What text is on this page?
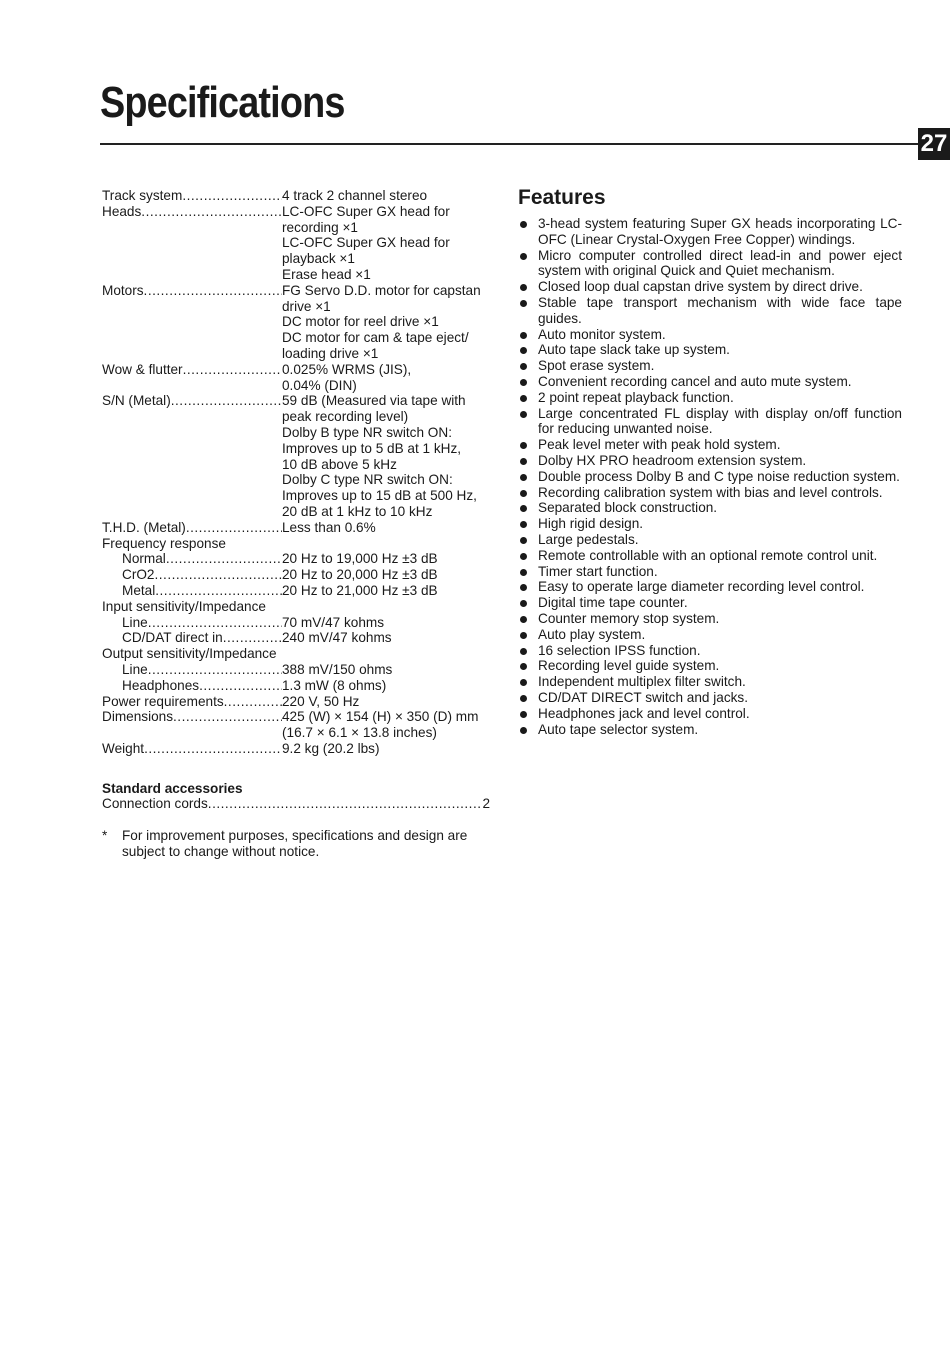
Specifications
27
Track system .....	4 track 2 channel stereo
Heads .....	LC-OFC Super GX head for
recording ×1
LC-OFC Super GX head for
playback ×1
Erase head ×1
Motors .....	FG Servo D.D. motor for capstan
drive ×1
DC motor for reel drive ×1
DC motor for cam & tape eject/
loading drive ×1
Wow & flutter .....	0.025% WRMS (JIS),
0.04% (DIN)
S/N (Metal) .....	59 dB (Measured via tape with
peak recording level)
Dolby B type NR switch ON:
Improves up to 5 dB at 1 kHz,
10 dB above 5 kHz
Dolby C type NR switch ON:
Improves up to 15 dB at 500 Hz,
20 dB at 1 kHz to 10 kHz
T.H.D. (Metal) .....	Less than 0.6%
Frequency response
Normal .....	20 Hz to 19,000 Hz ±3 dB
CrO2 .....	20 Hz to 20,000 Hz ±3 dB
Metal .....	20 Hz to 21,000 Hz ±3 dB
Input sensitivity/Impedance
Line .....	70 mV/47 kohms
CD/DAT direct in .....	240 mV/47 kohms
Output sensitivity/Impedance
Line .....	388 mV/150 ohms
Headphones .....	1.3 mW (8 ohms)
Power requirements .....	220 V, 50 Hz
Dimensions .....	425 (W) × 154 (H) × 350 (D) mm
(16.7 × 6.1 × 13.8 inches)
Weight .....	9.2 kg (20.2 lbs)
Standard accessories
Connection cords .....	2
*	For improvement purposes, specifications and design are subject to change without notice.
Features
3-head system featuring Super GX heads incorporating LC-OFC (Linear Crystal-Oxygen Free Copper) windings.
Micro computer controlled direct lead-in and power eject system with original Quick and Quiet mechanism.
Closed loop dual capstan drive system by direct drive.
Stable tape transport mechanism with wide face tape guides.
Auto monitor system.
Auto tape slack take up system.
Spot erase system.
Convenient recording cancel and auto mute system.
2 point repeat playback function.
Large concentrated FL display with display on/off function for reducing unwanted noise.
Peak level meter with peak hold system.
Dolby HX PRO headroom extension system.
Double process Dolby B and C type noise reduction system.
Recording calibration system with bias and level controls.
Separated block construction.
High rigid design.
Large pedestals.
Remote controllable with an optional remote control unit.
Timer start function.
Easy to operate large diameter recording level control.
Digital time tape counter.
Counter memory stop system.
Auto play system.
16 selection IPSS function.
Recording level guide system.
Independent multiplex filter switch.
CD/DAT DIRECT switch and jacks.
Headphones jack and level control.
Auto tape selector system.
